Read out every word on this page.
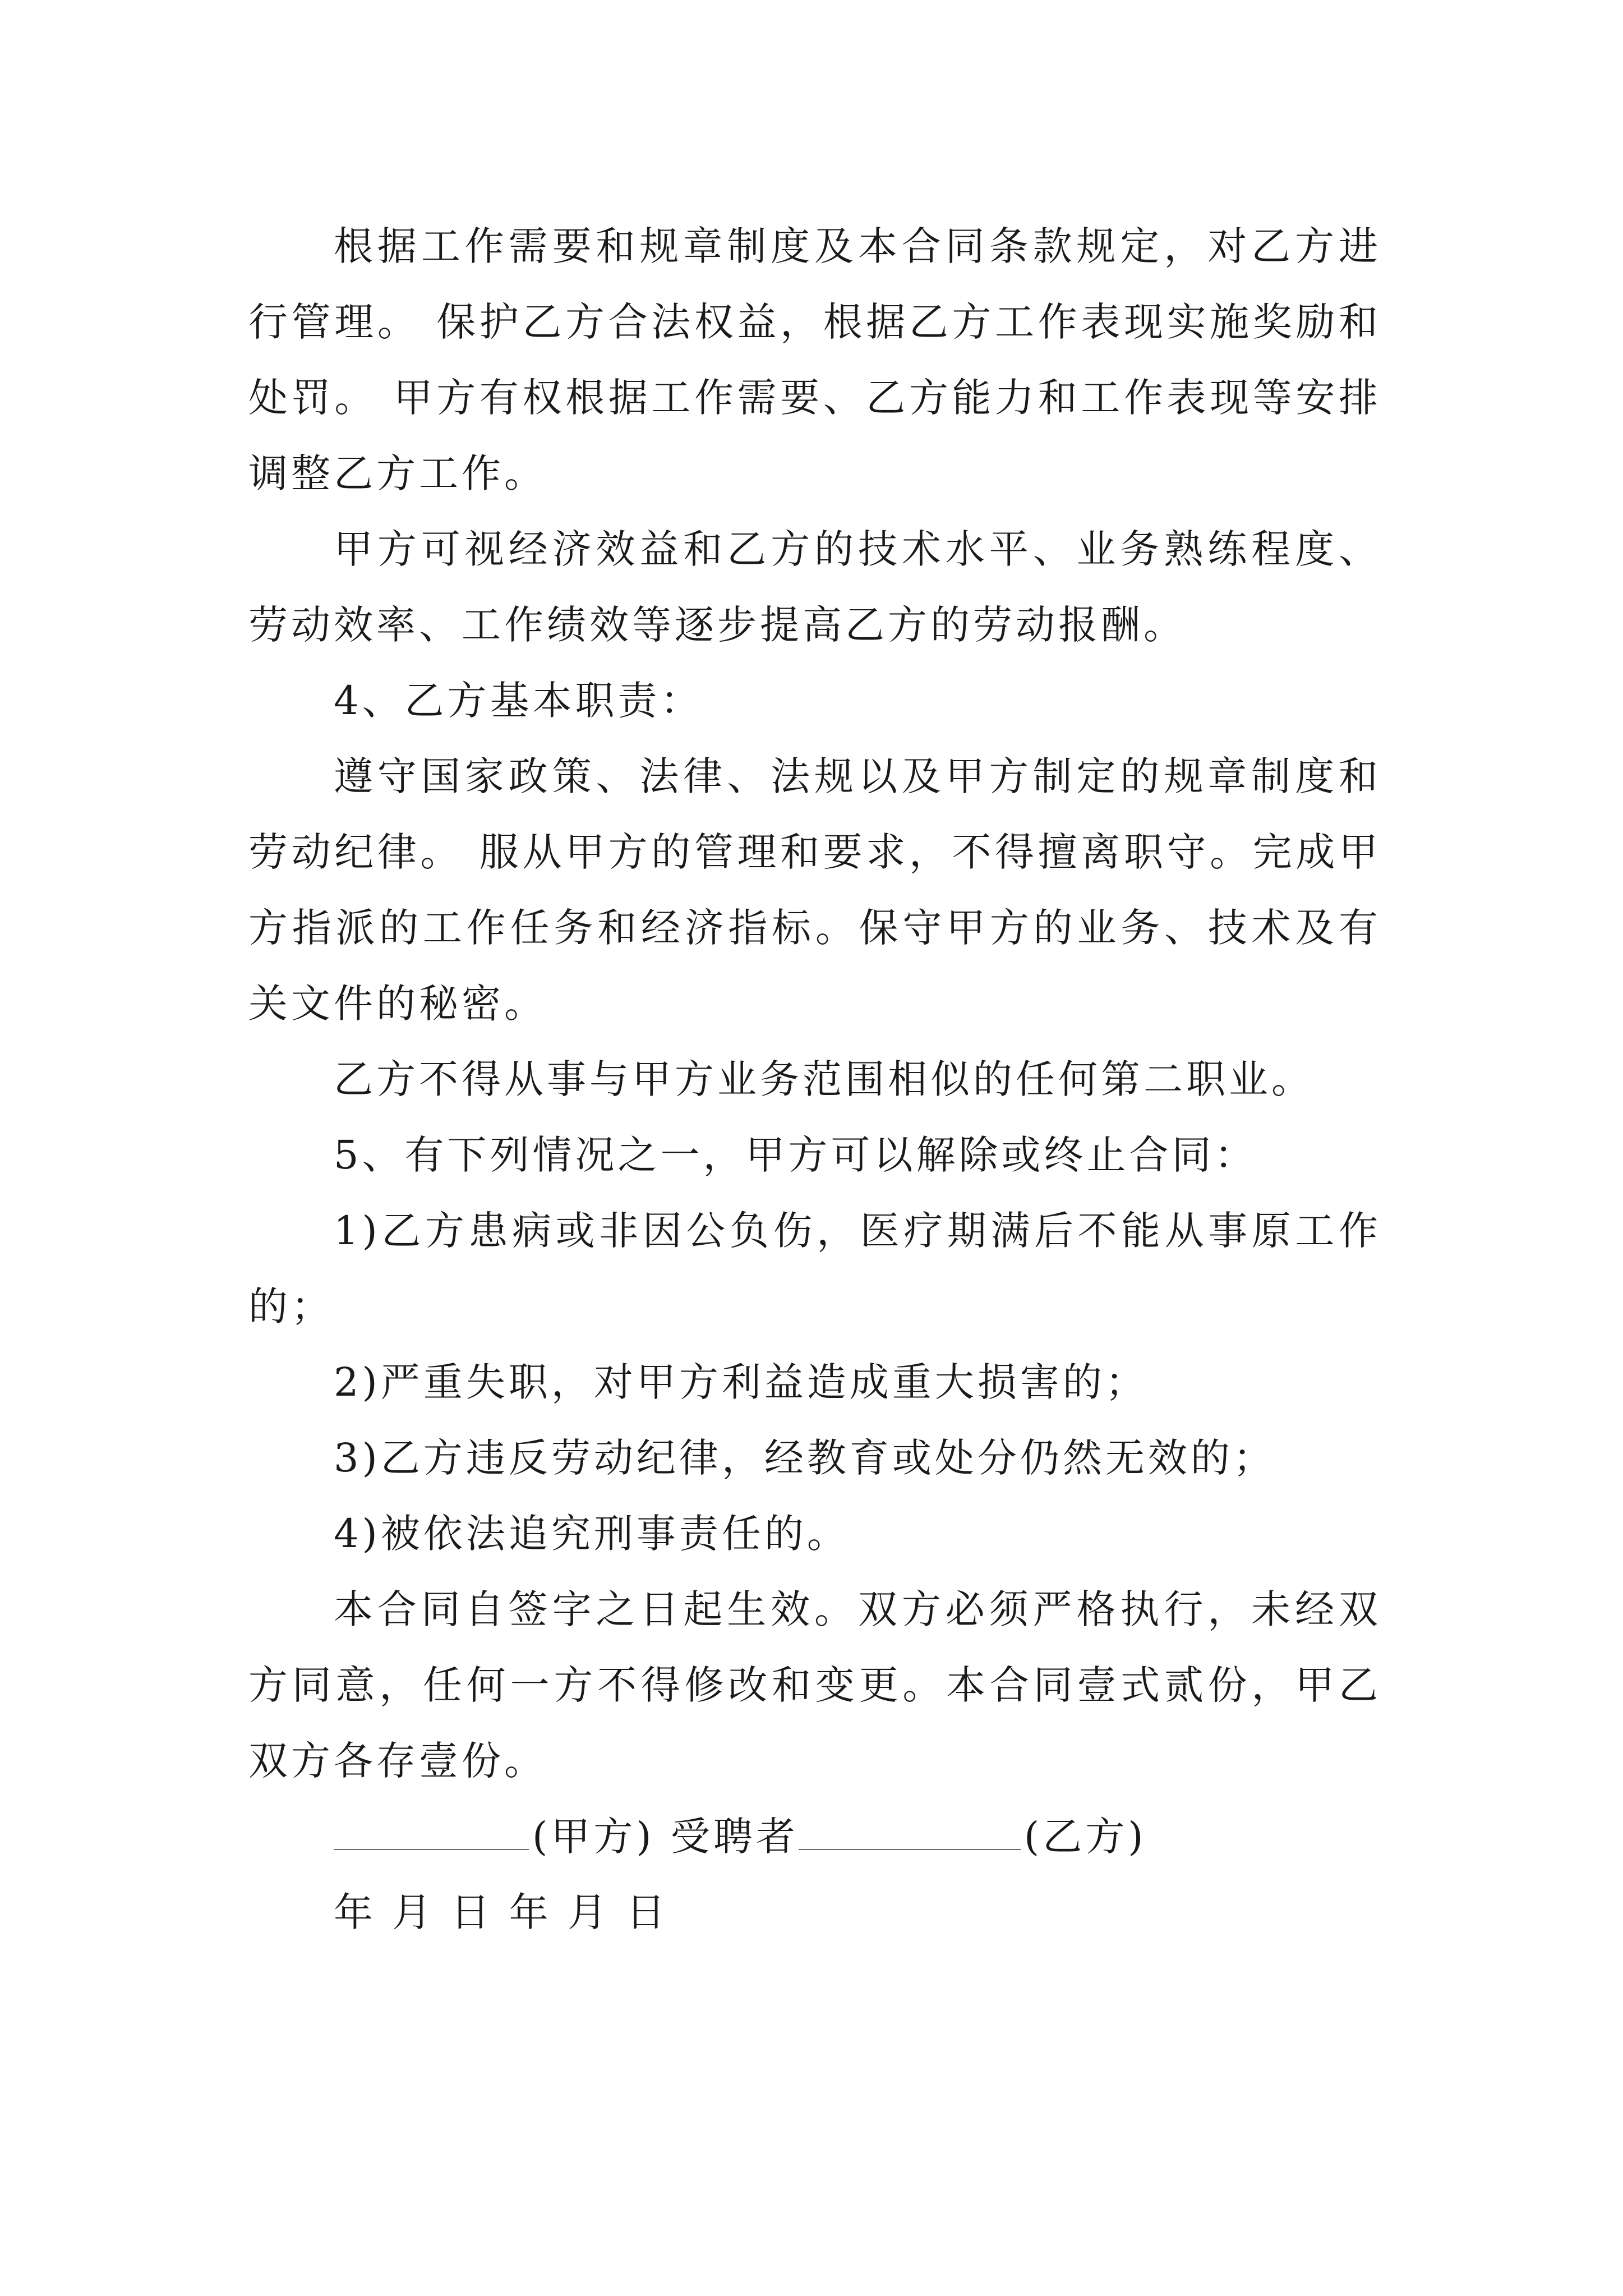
根据工作需要和规章制度及本合同条款规定，对乙方进行管理。 保护乙方合法权益，根据乙方工作表现实施奖励和处罚。 甲方有权根据工作需要、乙方能力和工作表现等安排调整乙方工作。

甲方可视经济效益和乙方的技术水平、业务熟练程度、劳动效率、工作绩效等逐步提高乙方的劳动报酬。

4、乙方基本职责：

遵守国家政策、法律、法规以及甲方制定的规章制度和劳动纪律。 服从甲方的管理和要求，不得擅离职守。完成甲方指派的工作任务和经济指标。保守甲方的业务、技术及有关文件的秘密。

乙方不得从事与甲方业务范围相似的任何第二职业。

5、有下列情况之一，甲方可以解除或终止合同：

1)乙方患病或非因公负伤，医疗期满后不能从事原工作的；

2)严重失职，对甲方利益造成重大损害的；

3)乙方违反劳动纪律，经教育或处分仍然无效的；

4)被依法追究刑事责任的。

本合同自签字之日起生效。双方必须严格执行，未经双方同意，任何一方不得修改和变更。本合同壹式贰份，甲乙双方各存壹份。

(甲方) 受聘者	(乙方)

年 月 日 年 月 日
